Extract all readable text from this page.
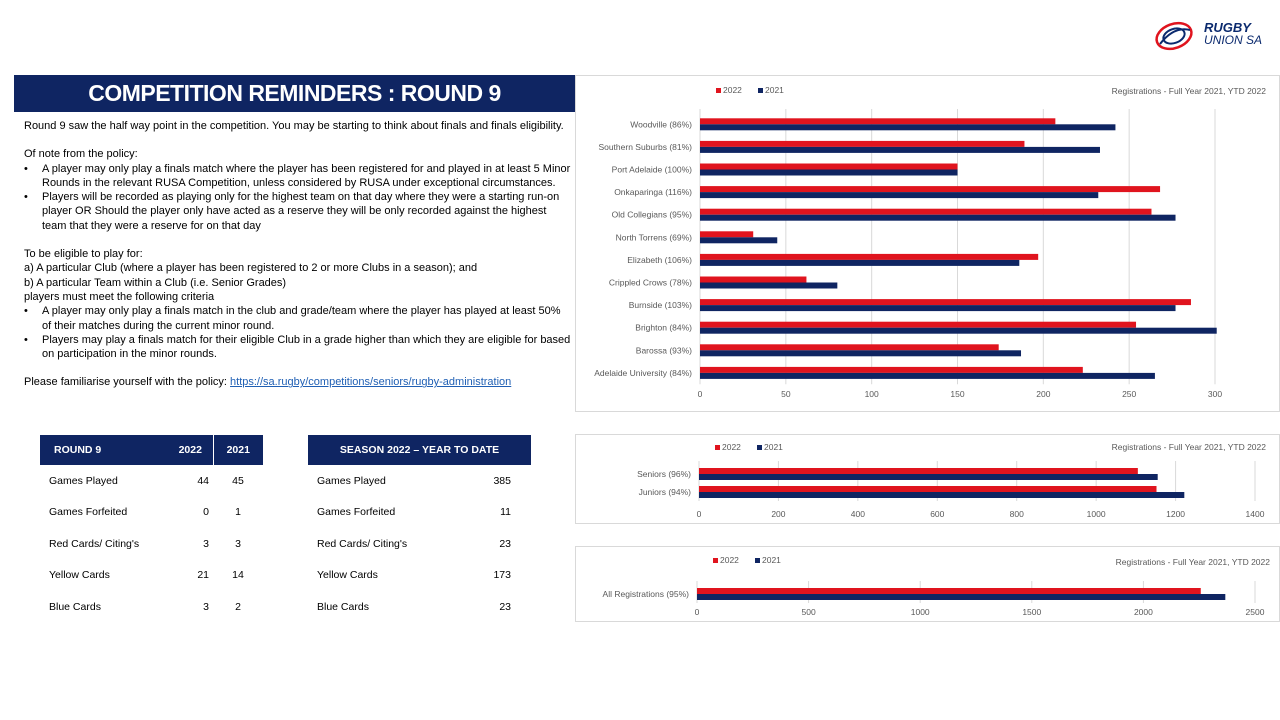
RUGBY
UNION SA
COMPETITION REMINDERS : ROUND 9

Round 9 saw the half way point in the competition. You may be starting to think about finals and finals eligibility.

Of note from the policy:

•	A player may only play a finals match where the player has been registered for and played in at least 5 Minor Rounds in the relevant RUSA Competition, unless considered by RUSA under exceptional circumstances.
•	Players will be recorded as playing only for the highest team on that day where they were a starting run-on player OR Should the player only have acted as a reserve they will be only recorded against the highest team that they were a reserve for on that day

To be eligible to play for:

a) A particular Club (where a player has been registered to 2 or more Clubs in a season); and

b) A particular Team within a Club (i.e. Senior Grades)

players must meet the following criteria

•	A player may only play a finals match in the club and grade/team where the player has played at least 50% of their matches during the current minor round.
•	Players may play a finals match for their eligible Club in a grade higher than which they are eligible for based on participation in the minor rounds.

Please familiarise yourself with the policy: https://sa.rugby/competitions/seniors/rugby-administration

ROUND 9	2022	2021
Games Played	44	45
Games Forfeited	0	1
Red Cards/ Citing's	3	3
Yellow Cards	21	14
Blue Cards	3	2
SEASON 2022 – YEAR TO DATE	
Games Played	385
Games Forfeited	11
Red Cards/ Citing's	23
Yellow Cards	173
Blue Cards	23
0	50	100	150	200	250	300
Registrations - Full Year 2021, YTD 2022
2022	2021
Woodville (86%)
Southern Suburbs (81%)
Port Adelaide (100%)
Onkaparinga (116%)
Old Collegians (95%)
North Torrens (69%)
Elizabeth (106%)
Crippled Crows (78%)
Burnside (103%)
Brighton (84%)
Barossa (93%)
Adelaide University (84%)
0	200	400	600	800	1000	1200	1400
Registrations - Full Year 2021, YTD 2022
2022	2021
Seniors (96%)
Juniors (94%)
0	500	1000	1500	2000	2500
Registrations - Full Year 2021, YTD 2022
2022	2021
All Registrations (95%)
